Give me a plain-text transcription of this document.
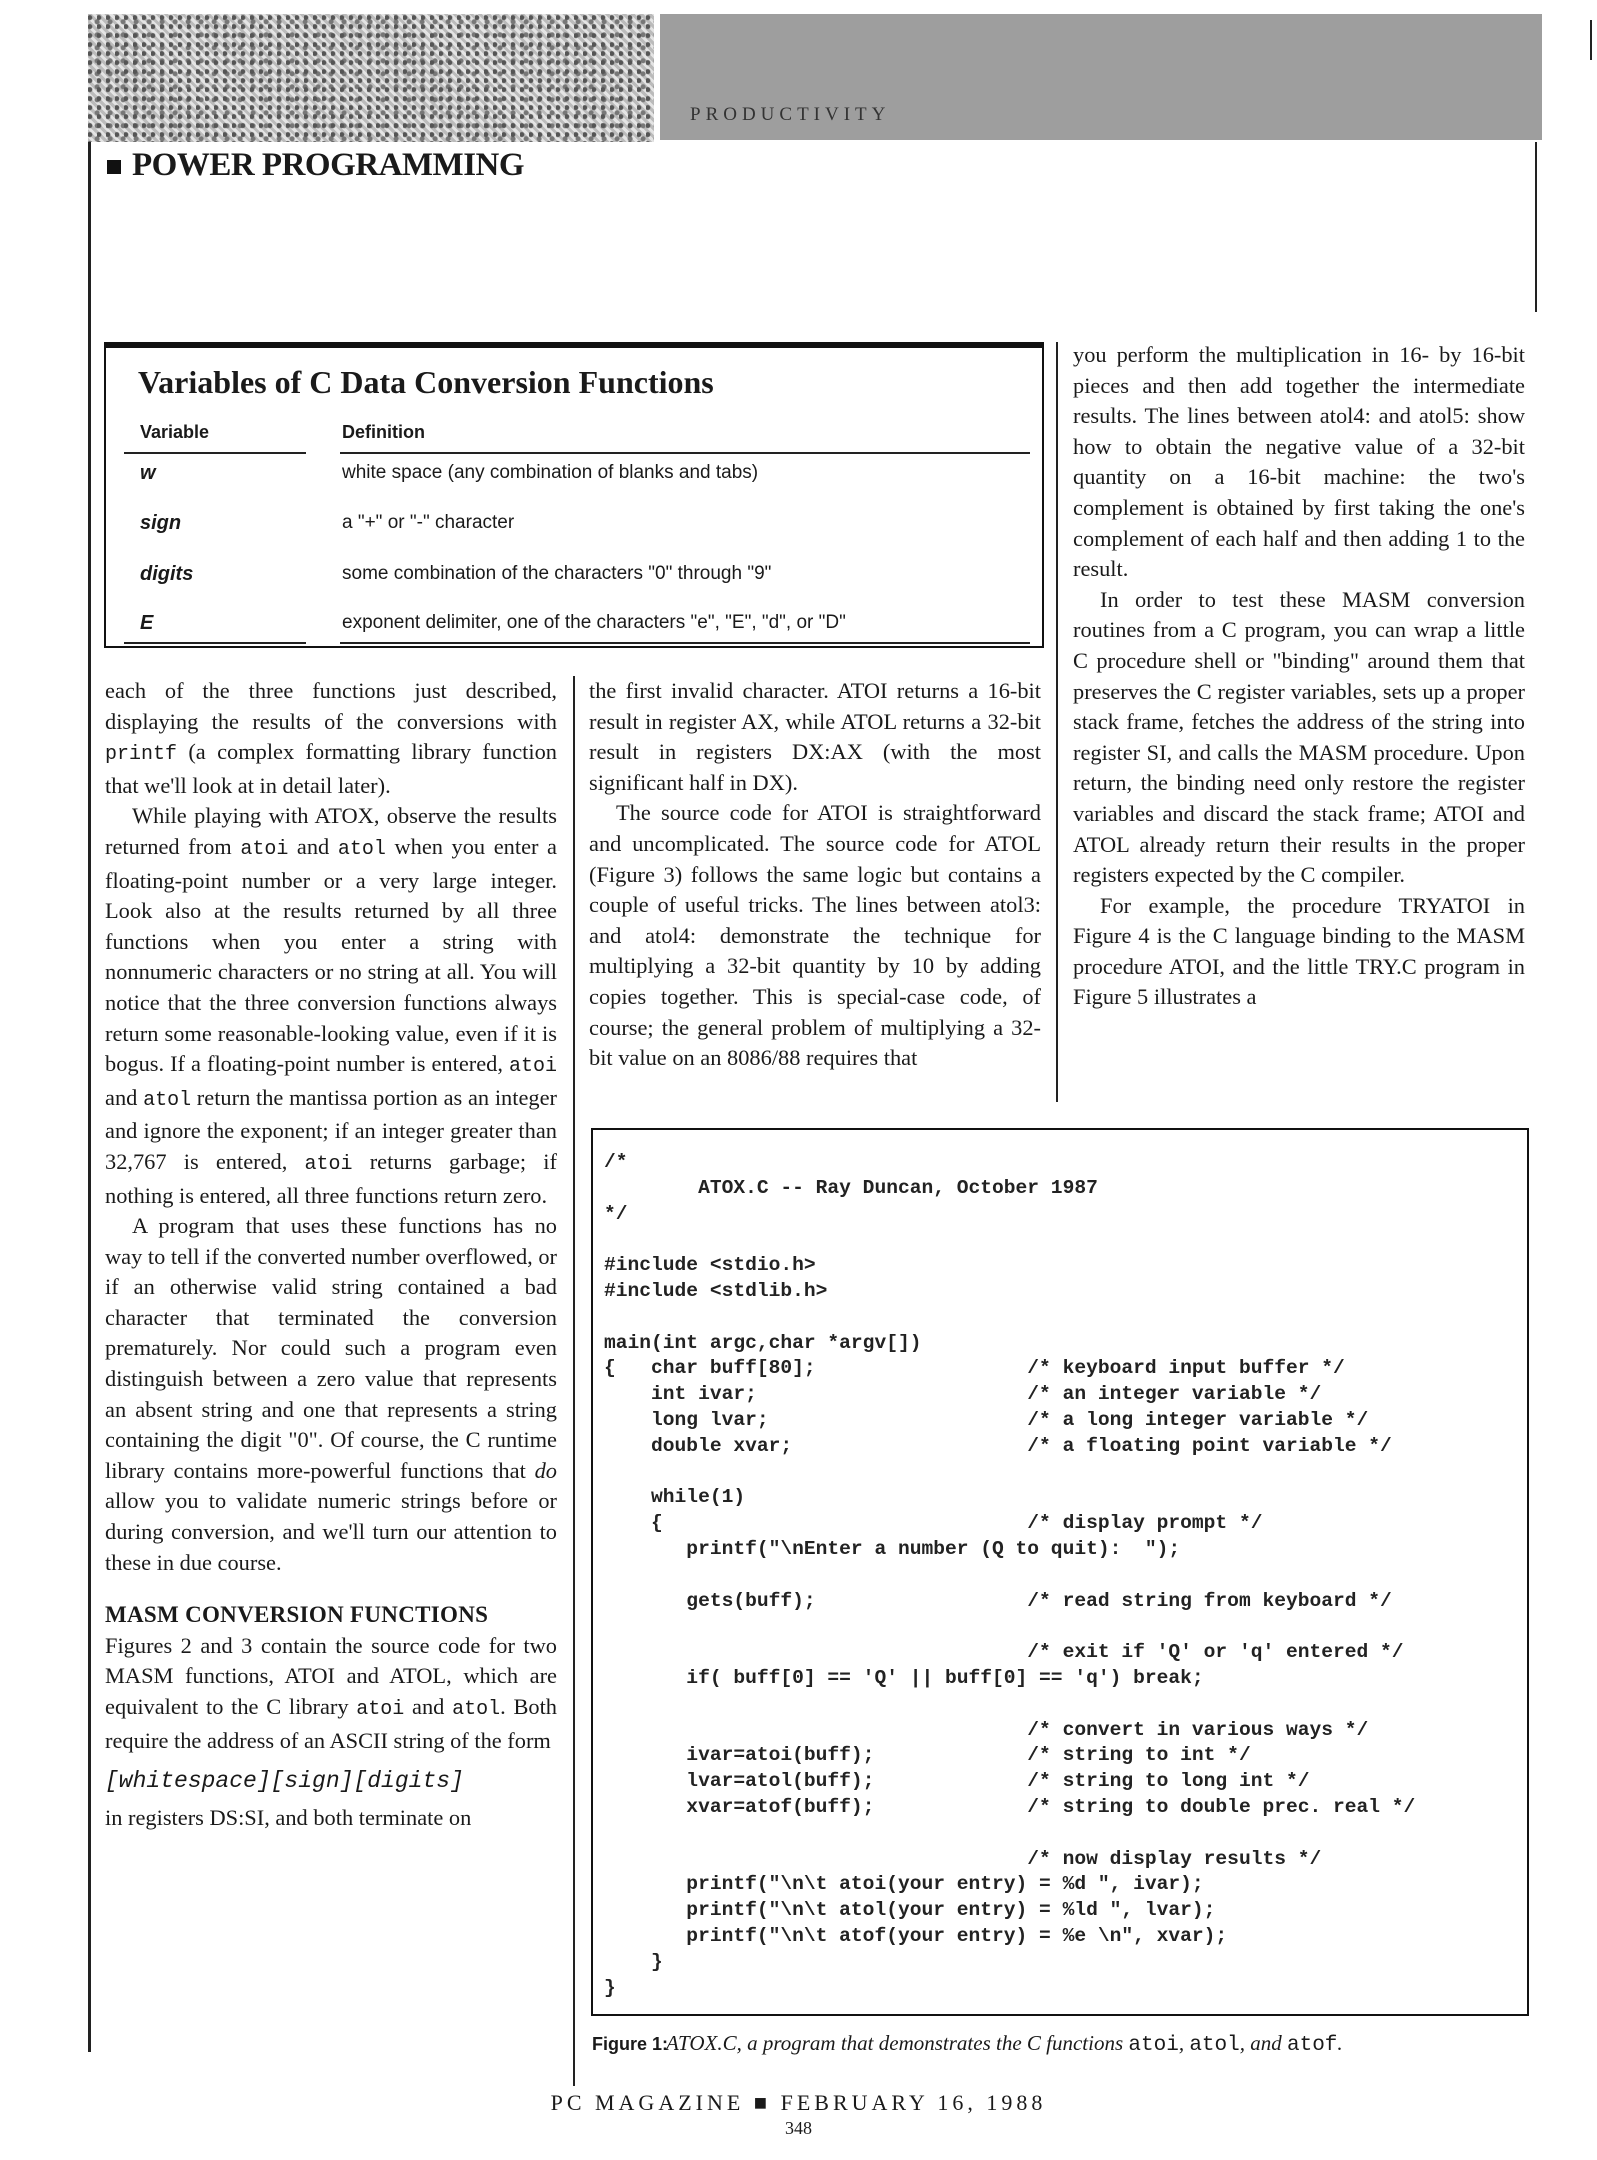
PRODUCTIVITY
POWER PROGRAMMING
Variables of C Data Conversion Functions
Variable	Definition
w	white space (any combination of blanks and tabs)
sign	a "+" or "-" character
digits	some combination of the characters "0" through "9"
E	exponent delimiter, one of the characters "e", "E", "d", or "D"

each of the three functions just described, displaying the results of the conversions with printf (a complex formatting library function that we'll look at in detail later).

While playing with ATOX, observe the results returned from atoi and atol when you enter a floating-point number or a very large integer. Look also at the results returned by all three functions when you enter a string with nonnumeric characters or no string at all. You will notice that the three conversion functions always return some reasonable-looking value, even if it is bogus. If a floating-point number is entered, atoi and atol return the mantissa portion as an integer and ignore the exponent; if an integer greater than 32,767 is entered, atoi returns garbage; if nothing is entered, all three functions return zero.

A program that uses these functions has no way to tell if the converted number overflowed, or if an otherwise valid string contained a bad character that terminated the conversion prematurely. Nor could such a program even distinguish between a zero value that represents an absent string and one that represents a string containing the digit "0". Of course, the C runtime library contains more-powerful functions that do allow you to validate numeric strings before or during conversion, and we'll turn our attention to these in due course.

MASM CONVERSION FUNCTIONS

Figures 2 and 3 contain the source code for two MASM functions, ATOI and ATOL, which are equivalent to the C library atoi and atol. Both require the address of an ASCII string of the form

[whitespace][sign][digits]

in registers DS:SI, and both terminate on

the first invalid character. ATOI returns a 16-bit result in register AX, while ATOL returns a 32-bit result in registers DX:AX (with the most significant half in DX).

The source code for ATOI is straightforward and uncomplicated. The source code for ATOL (Figure 3) follows the same logic but contains a couple of useful tricks. The lines between atol3: and atol4: demonstrate the technique for multiplying a 32-bit quantity by 10 by adding copies together. This is special-case code, of course; the general problem of multiplying a 32-bit value on an 8086/88 requires that

you perform the multiplication in 16- by 16-bit pieces and then add together the intermediate results. The lines between atol4: and atol5: show how to obtain the negative value of a 32-bit quantity on a 16-bit machine: the two's complement is obtained by first taking the one's complement of each half and then adding 1 to the result.

In order to test these MASM conversion routines from a C program, you can wrap a little C procedure shell or "binding" around them that preserves the C register variables, sets up a proper stack frame, fetches the address of the string into register SI, and calls the MASM procedure. Upon return, the binding need only restore the register variables and discard the stack frame; ATOI and ATOL already return their results in the proper registers expected by the C compiler.

For example, the procedure TRYATOI in Figure 4 is the C language binding to the MASM procedure ATOI, and the little TRY.C program in Figure 5 illustrates a

/*
ATOX.C -- Ray Duncan, October 1987
*/

#include <stdio.h>
#include <stdlib.h>

main(int argc,char *argv[])
{   char buff[80];                  /* keyboard input buffer */
int ivar;                       /* an integer variable */
long lvar;                      /* a long integer variable */
double xvar;                    /* a floating point variable */

while(1)
{                               /* display prompt */
printf("\nEnter a number (Q to quit):  ");

gets(buff);                  /* read string from keyboard */

/* exit if 'Q' or 'q' entered */
if( buff[0] == 'Q' || buff[0] == 'q') break;

/* convert in various ways */
ivar=atoi(buff);             /* string to int */
lvar=atol(buff);             /* string to long int */
xvar=atof(buff);             /* string to double prec. real */

/* now display results */
printf("\n\t atoi(your entry) = %d ", ivar);
printf("\n\t atol(your entry) = %ld ", lvar);
printf("\n\t atof(your entry) = %e \n", xvar);
}
}
Figure 1:
ATOX.C, a program that demonstrates the C functions atoi, atol, and atof.
PC MAGAZINE ■ FEBRUARY 16, 1988
348
